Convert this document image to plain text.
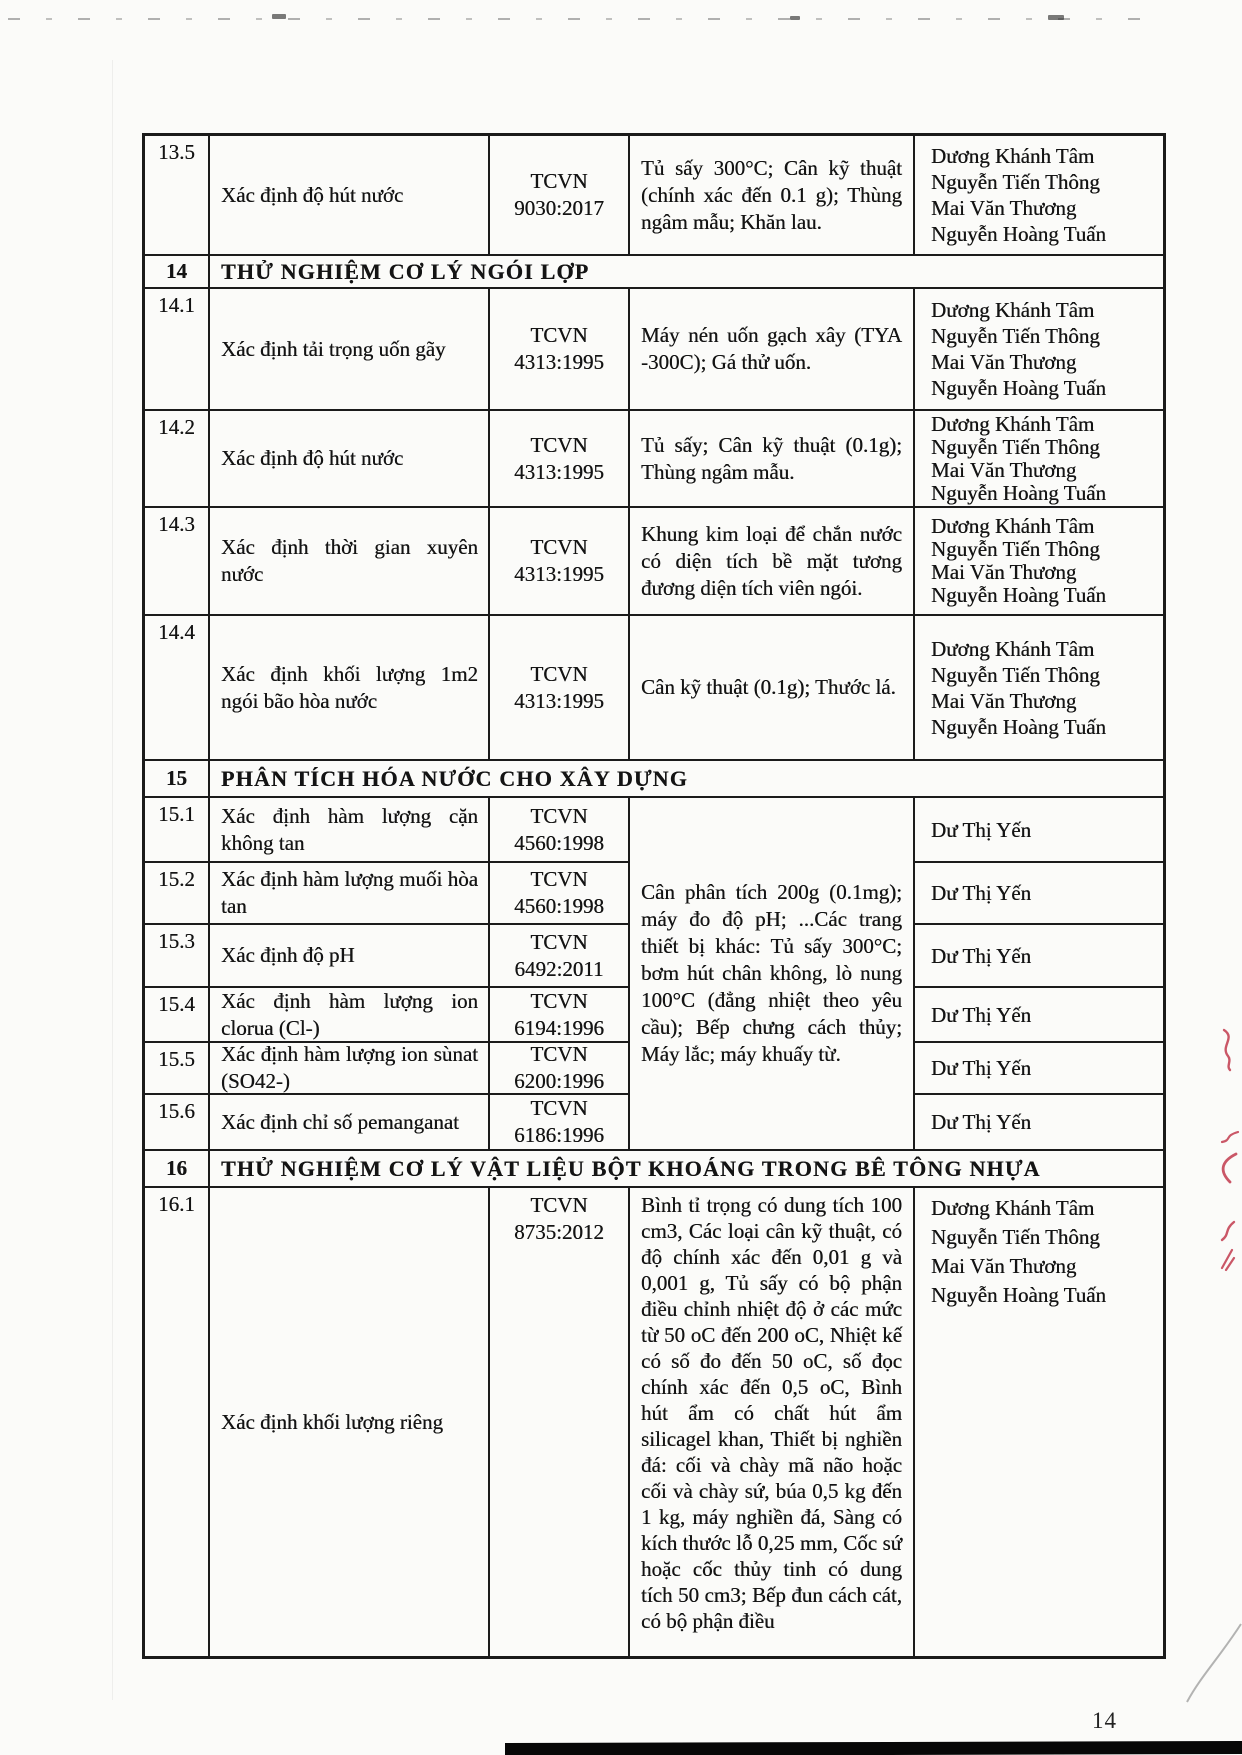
13.5
Xác định độ hút nước
TCVN
9030:2017
Tủ sấy 300°C; Cân kỹ thuật (chính xác đến 0.1 g); Thùng ngâm mẫu; Khăn lau.
Dương Khánh Tâm
Nguyễn Tiến Thông
Mai Văn Thương
Nguyễn Hoàng Tuấn
14 THỬ NGHIỆM CƠ LÝ NGÓI LỢP
14.1
Xác định tải trọng uốn gãy
TCVN
4313:1995
Máy nén uốn gạch xây (TYA -300C); Gá thử uốn.
Dương Khánh Tâm
Nguyễn Tiến Thông
Mai Văn Thương
Nguyễn Hoàng Tuấn
14.2
Xác định độ hút nước
TCVN
4313:1995
Tủ sấy; Cân kỹ thuật (0.1g); Thùng ngâm mẫu.
Dương Khánh Tâm
Nguyễn Tiến Thông
Mai Văn Thương
Nguyễn Hoàng Tuấn
14.3
Xác định thời gian xuyên nước
TCVN
4313:1995
Khung kim loại để chắn nước có diện tích bề mặt tương đương diện tích viên ngói.
Dương Khánh Tâm
Nguyễn Tiến Thông
Mai Văn Thương
Nguyễn Hoàng Tuấn
14.4
Xác định khối lượng 1m2 ngói bão hòa nước
TCVN
4313:1995
Cân kỹ thuật (0.1g); Thước lá.
Dương Khánh Tâm
Nguyễn Tiến Thông
Mai Văn Thương
Nguyễn Hoàng Tuấn
15 PHÂN TÍCH HÓA NƯỚC CHO XÂY DỰNG
15.1 Xác định hàm lượng cặn không tan
TCVN
4560:1998
Cân phân tích 200g (0.1mg); máy đo độ pH; ...Các trang thiết bị khác: Tủ sấy 300°C; bơm hút chân không, lò nung 100°C (đẳng nhiệt theo yêu cầu); Bếp chưng cách thủy; Máy lắc; máy khuấy từ.
Dư Thị Yến
15.2 Xác định hàm lượng muối hòa tan
TCVN
4560:1998
Dư Thị Yến
15.3
Xác định độ pH
TCVN
6492:2011
Dư Thị Yến
15.4 Xác định hàm lượng ion clorua (Cl-)
TCVN
6194:1996
Dư Thị Yến
15.5 Xác định hàm lượng ion sùnat (SO42-)
TCVN
6200:1996
Dư Thị Yến
15.6 Xác định chỉ số pemanganat
TCVN
6186:1996
Dư Thị Yến
16 THỬ NGHIỆM CƠ LÝ VẬT LIỆU BỘT KHOÁNG TRONG BÊ TÔNG NHỰA
16.1
Xác định khối lượng riêng
TCVN
8735:2012
Bình tỉ trọng có dung tích 100 cm3, Các loại cân kỹ thuật, có độ chính xác đến 0,01 g và 0,001 g, Tủ sấy có bộ phận điều chỉnh nhiệt độ ở các mức từ 50 oC đến 200 oC, Nhiệt kế có số đo đến 50 oC, số đọc chính xác đến 0,5 oC, Bình hút ẩm có chất hút ẩm silicagel khan, Thiết bị nghiền đá: cối và chày mã não hoặc cối và chày sứ, búa 0,5 kg đến 1 kg, máy nghiền đá, Sàng có kích thước lỗ 0,25 mm, Cốc sứ hoặc cốc thủy tinh có dung tích 50 cm3; Bếp đun cách cát, có bộ phận điều
Dương Khánh Tâm
Nguyễn Tiến Thông
Mai Văn Thương
Nguyễn Hoàng Tuấn
14
